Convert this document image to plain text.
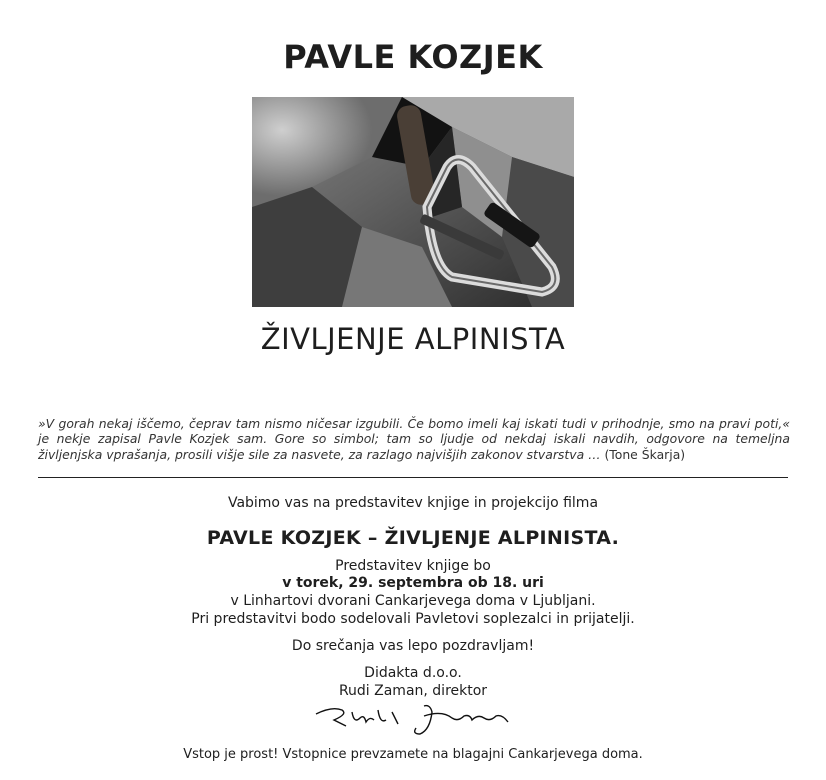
PAVLE KOZJEK
ŽIVLJENJE ALPINISTA
»V gorah nekaj iščemo, čeprav tam nismo ničesar izgubili. Če bomo imeli kaj iskati tudi v prihodnje, smo na pravi poti,« je nekje zapisal Pavle Kozjek sam. Gore so simbol; tam so ljudje od nekdaj iskali navdih, odgovore na temeljna življenjska vprašanja, prosili višje sile za nasvete, za razlago najvišjih zakonov stvarstva … (Tone Škarja)
Vabimo vas na predstavitev knjige in projekcijo filma
PAVLE KOZJEK – ŽIVLJENJE ALPINISTA.
Predstavitev knjige bo
v torek, 29. septembra ob 18. uri
v Linhartovi dvorani Cankarjevega doma v Ljubljani.
Pri predstavitvi bodo sodelovali Pavletovi soplezalci in prijatelji.
Do srečanja vas lepo pozdravljam!
Didakta d.o.o.
Rudi Zaman, direktor
Vstop je prost! Vstopnice prevzamete na blagajni Cankarjevega doma.
